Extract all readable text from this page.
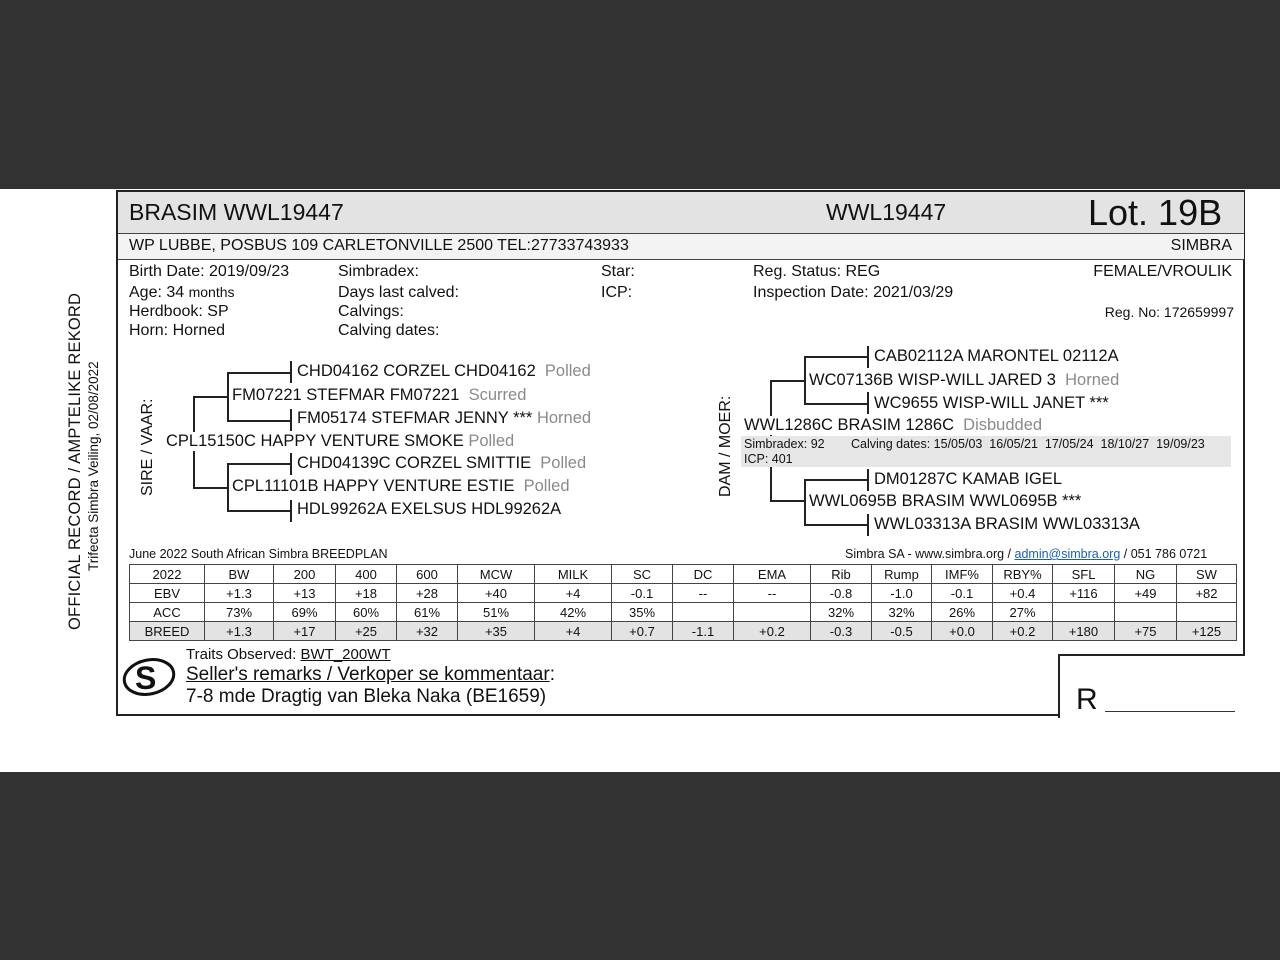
OFFICIAL RECORD / AMPTELIKE REKORD Trifecta Simbra Veiling, 02/08/2022
BRASIM WWL19447	WWL19447	Lot. 19B
WP LUBBE, POSBUS 109 CARLETONVILLE 2500 TEL:27733743933	SIMBRA
Birth Date: 2019/09/23
Age: 34 months
Herdbook: SP
Horn: Horned
Simbradex:
Days last calved:
Calvings:
Calving dates:
Star:
ICP:
Reg. Status: REG
Inspection Date: 2021/03/29
FEMALE/VROULIK
Reg. No: 172659997
SIRE / VAAR:
CHD04162 CORZEL CHD04162 Polled
FM07221 STEFMAR FM07221 Scurred
FM05174 STEFMAR JENNY *** Horned
CPL15150C HAPPY VENTURE SMOKE Polled
CHD04139C CORZEL SMITTIE Polled
CPL11101B HAPPY VENTURE ESTIE Polled
HDL99262A EXELSUS HDL99262A
DAM / MOER:
CAB02112A MARONTEL 02112A
WC07136B WISP-WILL JARED 3 Horned
WC9655 WISP-WILL JANET ***
WWL1286C BRASIM 1286C Disbudded
Simbradex: 92 Calving dates: 15/05/03  16/05/21  17/05/24  18/10/27  19/09/23
ICP: 401
DM01287C KAMAB IGEL
WWL0695B BRASIM WWL0695B ***
WWL03313A BRASIM WWL03313A
June 2022 South African Simbra BREEDPLAN	Simbra SA - www.simbra.org / admin@simbra.org / 051 786 0721
2022	BW	200	400	600	MCW	MILK	SC	DC	EMA	Rib	Rump	IMF%	RBY%	SFL	NG	SW
EBV	+1.3	+13	+18	+28	+40	+4	-0.1	--	--	-0.8	-1.0	-0.1	+0.4	+116	+49	+82
ACC	73%	69%	60%	61%	51%	42%	35%			32%	32%	26%	27%			
BREED	+1.3	+17	+25	+32	+35	+4	+0.7	-1.1	+0.2	-0.3	-0.5	+0.0	+0.2	+180	+75	+125
S
Traits Observed: BWT_200WT
Seller's remarks / Verkoper se kommentaar:
7-8 mde Dragtig van Bleka Naka (BE1659)	R
